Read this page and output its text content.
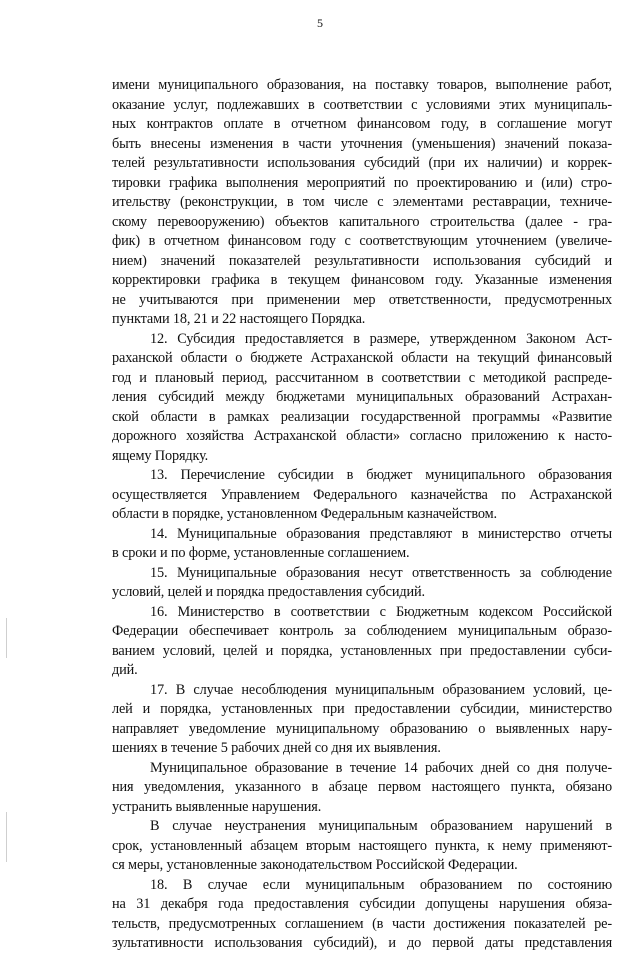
5
имени муниципального образования, на поставку товаров, выполнение работ,
оказание услуг, подлежавших в соответствии с условиями этих муниципаль-
ных контрактов оплате в отчетном финансовом году, в соглашение могут
быть внесены изменения в части уточнения (уменьшения) значений показа-
телей результативности использования субсидий (при их наличии) и коррек-
тировки графика выполнения мероприятий по проектированию и (или) стро-
ительству (реконструкции, в том числе с элементами реставрации, техниче-
скому перевооружению) объектов капитального строительства (далее - гра-
фик) в отчетном финансовом году с соответствующим уточнением (увеличе-
нием) значений показателей результативности использования субсидий и
корректировки графика в текущем финансовом году. Указанные изменения
не учитываются при применении мер ответственности, предусмотренных
пунктами 18, 21 и 22 настоящего Порядка.
12. Субсидия предоставляется в размере, утвержденном Законом Аст-
раханской области о бюджете Астраханской области на текущий финансовый
год и плановый период, рассчитанном в соответствии с методикой распреде-
ления субсидий между бюджетами муниципальных образований Астрахан-
ской области в рамках реализации государственной программы «Развитие
дорожного хозяйства Астраханской области» согласно приложению к насто-
ящему Порядку.
13. Перечисление субсидии в бюджет муниципального образования
осуществляется Управлением Федерального казначейства по Астраханской
области в порядке, установленном Федеральным казначейством.
14. Муниципальные образования представляют в министерство отчеты
в сроки и по форме, установленные соглашением.
15. Муниципальные образования несут ответственность за соблюдение
условий, целей и порядка предоставления субсидий.
16. Министерство в соответствии с Бюджетным кодексом Российской
Федерации обеспечивает контроль за соблюдением муниципальным образо-
ванием условий, целей и порядка, установленных при предоставлении субси-
дий.
17. В случае несоблюдения муниципальным образованием условий, це-
лей и порядка, установленных при предоставлении субсидии, министерство
направляет уведомление муниципальному образованию о выявленных нару-
шениях в течение 5 рабочих дней со дня их выявления.
Муниципальное образование в течение 14 рабочих дней со дня получе-
ния уведомления, указанного в абзаце первом настоящего пункта, обязано
устранить выявленные нарушения.
В случае неустранения муниципальным образованием нарушений в
срок, установленный абзацем вторым настоящего пункта, к нему применяют-
ся меры, установленные законодательством Российской Федерации.
18. В случае если муниципальным образованием по состоянию
на 31 декабря года предоставления субсидии допущены нарушения обяза-
тельств, предусмотренных соглашением (в части достижения показателей ре-
зультативности использования субсидий), и до первой даты представления
